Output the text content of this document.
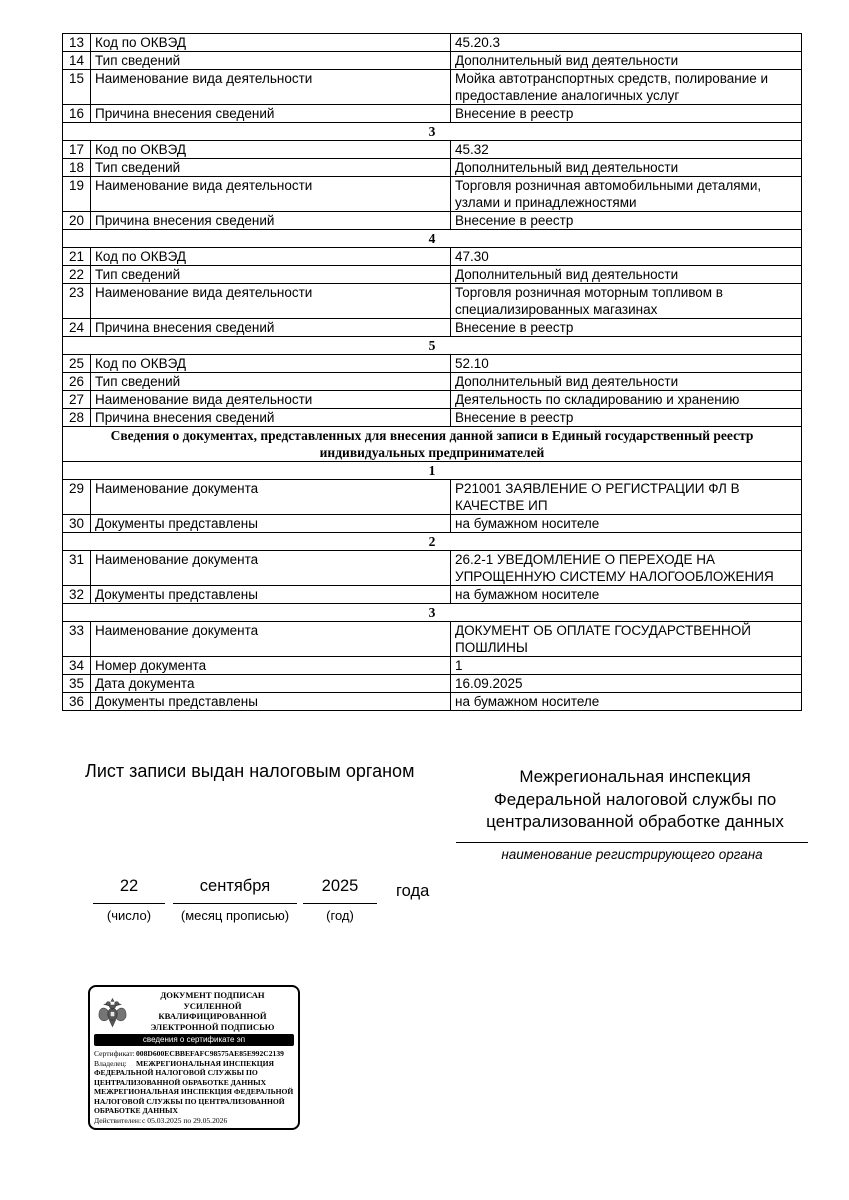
13	Код по ОКВЭД	45.20.3
14	Тип сведений	Дополнительный вид деятельности
15	Наименование вида деятельности	Мойка автотранспортных средств, полирование и предоставление аналогичных услуг
16	Причина внесения сведений	Внесение в реестр
3		
17	Код по ОКВЭД	45.32
18	Тип сведений	Дополнительный вид деятельности
19	Наименование вида деятельности	Торговля розничная автомобильными деталями, узлами и принадлежностями
20	Причина внесения сведений	Внесение в реестр
4		
21	Код по ОКВЭД	47.30
22	Тип сведений	Дополнительный вид деятельности
23	Наименование вида деятельности	Торговля розничная моторным топливом в специализированных магазинах
24	Причина внесения сведений	Внесение в реестр
5		
25	Код по ОКВЭД	52.10
26	Тип сведений	Дополнительный вид деятельности
27	Наименование вида деятельности	Деятельность по складированию и хранению
28	Причина внесения сведений	Внесение в реестр
Сведения о документах, представленных для внесения данной записи в Единый государственный реестр индивидуальных предпринимателей		
1		
29	Наименование документа	Р21001 ЗАЯВЛЕНИЕ О РЕГИСТРАЦИИ ФЛ В КАЧЕСТВЕ ИП
30	Документы представлены	на бумажном носителе
2		
31	Наименование документа	26.2-1 УВЕДОМЛЕНИЕ О ПЕРЕХОДЕ НА УПРОЩЕННУЮ СИСТЕМУ НАЛОГООБЛОЖЕНИЯ
32	Документы представлены	на бумажном носителе
3		
33	Наименование документа	ДОКУМЕНТ ОБ ОПЛАТЕ ГОСУДАРСТВЕННОЙ ПОШЛИНЫ
34	Номер документа	1
35	Дата документа	16.09.2025
36	Документы представлены	на бумажном носителе
Лист записи выдан налоговым органом	Межрегиональная инспекция
Федеральной налоговой службы по
централизованной обработке данных
наименование регистрирующего органа
22
(число)
сентября
(месяц прописью)
2025
(год)
года
ДОКУМЕНТ ПОДПИСАН
УСИЛЕННОЙ КВАЛИФИЦИРОВАННОЙ
ЭЛЕКТРОННОЙ ПОДПИСЬЮ
сведения о сертификате эп
Сертификат:008D600ECBBEFAFC98575AE85E992C2139
Владелец: МЕЖРЕГИОНАЛЬНАЯ ИНСПЕКЦИЯ ФЕДЕРАЛЬНОЙ НАЛОГОВОЙ СЛУЖБЫ ПО ЦЕНТРАЛИЗОВАННОЙ ОБРАБОТКЕ ДАННЫХ МЕЖРЕГИОНАЛЬНАЯ ИНСПЕКЦИЯ ФЕДЕРАЛЬНОЙ НАЛОГОВОЙ СЛУЖБЫ ПО ЦЕНТРАЛИЗОВАННОЙ ОБРАБОТКЕ ДАННЫХ
Действителен:с 05.03.2025 по 29.05.2026
